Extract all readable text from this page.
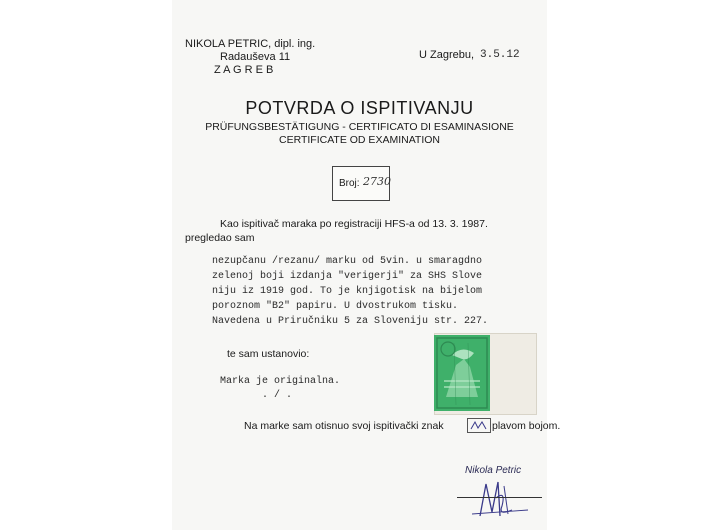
NIKOLA PETRIC, dipl. ing.
Radauševa 11
Z A G R E B
U Zagrebu, 3.5.12
POTVRDA O ISPITIVANJU
PRÜFUNGSBESTÄTIGUNG - CERTIFICATO DI ESAMINASIONE
CERTIFICATE OD EXAMINATION
Broj: 2730
Kao ispitivač maraka po registraciji HFS-a od 13. 3. 1987.
pregledao sam
nezupčanu /rezanu/ marku od 5vin. u smaragdno
zelenoj boji izdanja "verigerji" za SHS Slove
niju iz 1919 god. To je knjigotisk na bijelom
poroznom "B2" papiru. U dvostrukom tisku.
Navedena u Priručniku 5 za Sloveniju str. 227.
te sam ustanovio:
Marka je originalna.
. / .
Na marke sam otisnuo svoj ispitivački znak	plavom bojom.
Nikola Petric
